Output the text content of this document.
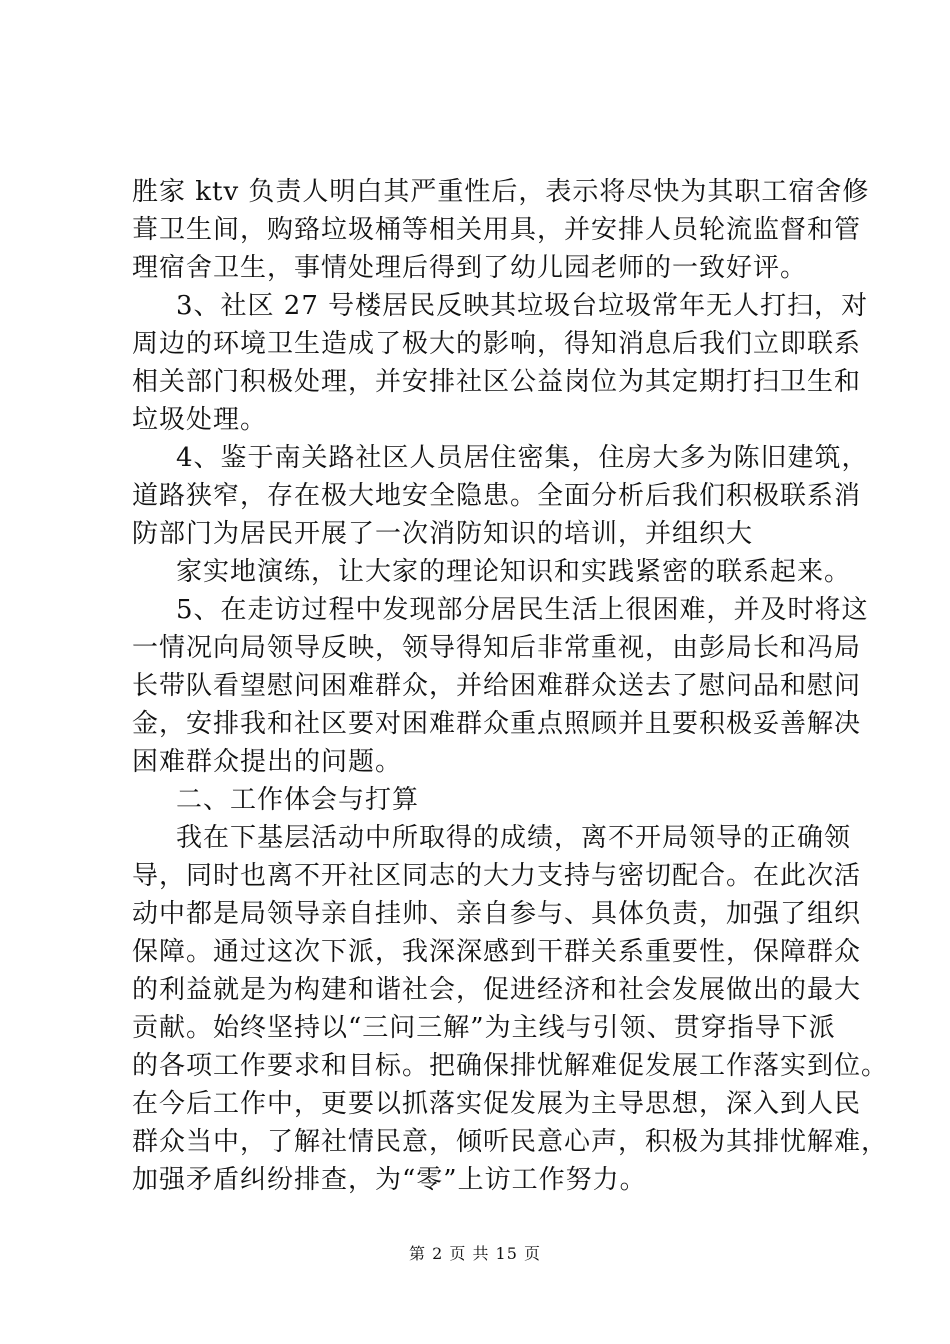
胜家 ktv 负责人明白其严重性后，表示将尽快为其职工宿舍修
葺卫生间，购臵垃圾桶等相关用具，并安排人员轮流监督和管
理宿舍卫生，事情处理后得到了幼儿园老师的一致好评。
3、社区 27 号楼居民反映其垃圾台垃圾常年无人打扫，对
周边的环境卫生造成了极大的影响，得知消息后我们立即联系
相关部门积极处理，并安排社区公益岗位为其定期打扫卫生和
垃圾处理。
4、鉴于南关路社区人员居住密集，住房大多为陈旧建筑，
道路狭窄，存在极大地安全隐患。全面分析后我们积极联系消
防部门为居民开展了一次消防知识的培训，并组织大
家实地演练，让大家的理论知识和实践紧密的联系起来。
5、在走访过程中发现部分居民生活上很困难，并及时将这
一情况向局领导反映，领导得知后非常重视，由彭局长和冯局
长带队看望慰问困难群众，并给困难群众送去了慰问品和慰问
金，安排我和社区要对困难群众重点照顾并且要积极妥善解决
困难群众提出的问题。
二、工作体会与打算
我在下基层活动中所取得的成绩，离不开局领导的正确领
导，同时也离不开社区同志的大力支持与密切配合。在此次活
动中都是局领导亲自挂帅、亲自参与、具体负责，加强了组织
保障。通过这次下派，我深深感到干群关系重要性，保障群众
的利益就是为构建和谐社会，促进经济和社会发展做出的最大
贡献。始终坚持以“三问三解”为主线与引领、贯穿指导下派
的各项工作要求和目标。把确保排忧解难促发展工作落实到位。
在今后工作中，更要以抓落实促发展为主导思想，深入到人民
群众当中，了解社情民意，倾听民意心声，积极为其排忧解难，
加强矛盾纠纷排查，为“零”上访工作努力。
第 2 页 共 15 页
